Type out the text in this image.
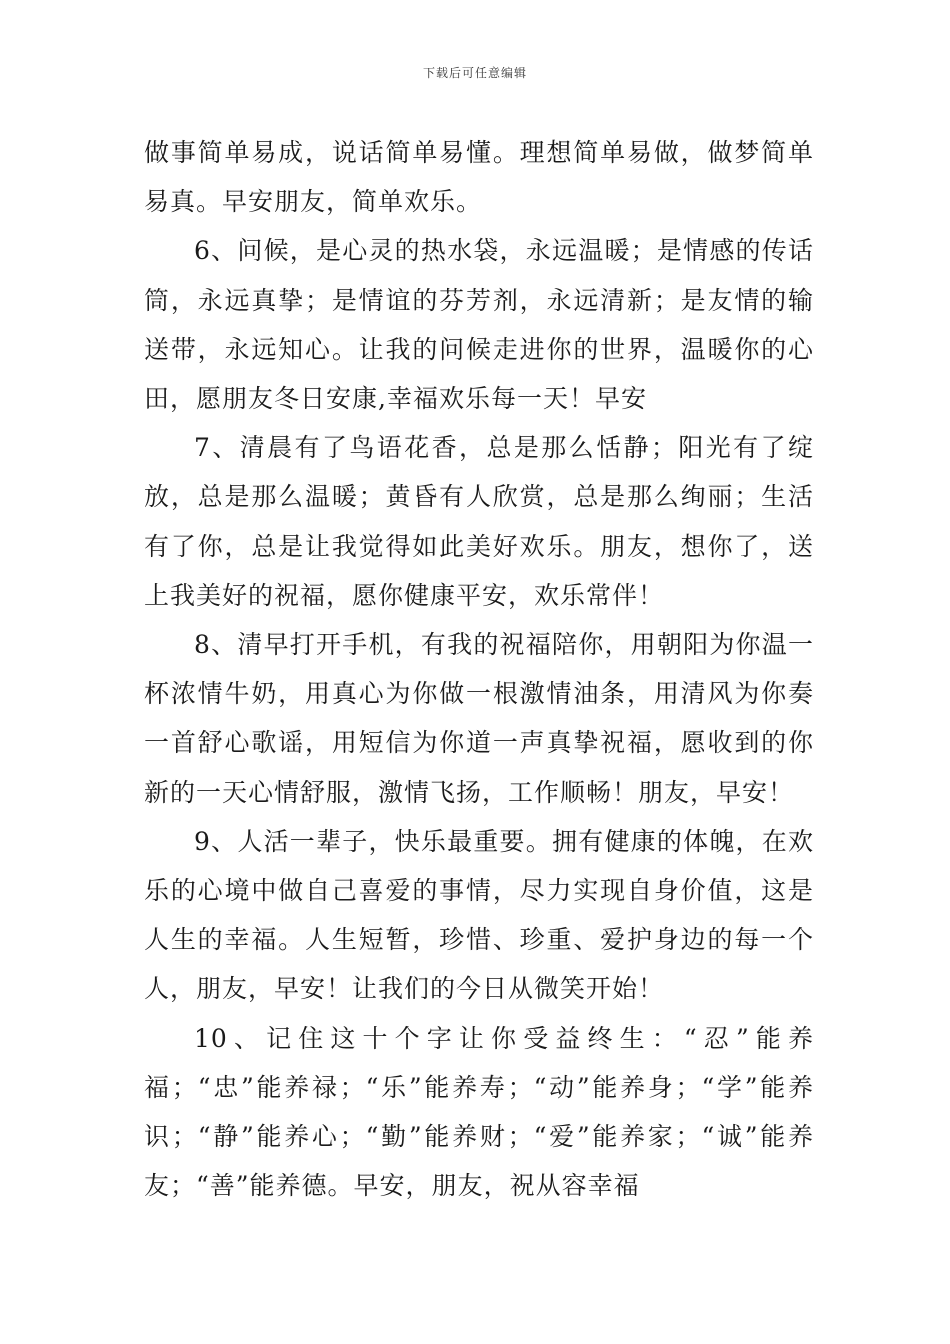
下载后可任意编辑

做事简单易成，说话简单易懂。理想简单易做，做梦简单易真。早安朋友，简单欢乐。

6、问候，是心灵的热水袋，永远温暖；是情感的传话筒，永远真挚；是情谊的芬芳剂，永远清新；是友情的输送带，永远知心。让我的问候走进你的世界，温暖你的心田，愿朋友冬日安康,幸福欢乐每一天！早安

7、清晨有了鸟语花香，总是那么恬静；阳光有了绽放，总是那么温暖；黄昏有人欣赏，总是那么绚丽；生活有了你，总是让我觉得如此美好欢乐。朋友，想你了，送上我美好的祝福，愿你健康平安，欢乐常伴！

8、清早打开手机，有我的祝福陪你，用朝阳为你温一杯浓情牛奶，用真心为你做一根激情油条，用清风为你奏一首舒心歌谣，用短信为你道一声真挚祝福，愿收到的你新的一天心情舒服，激情飞扬，工作顺畅！朋友，早安！

9、人活一辈子，快乐最重要。拥有健康的体魄，在欢乐的心境中做自己喜爱的事情，尽力实现自身价值，这是人生的幸福。人生短暂，珍惜、珍重、爱护身边的每一个人，朋友，早安！让我们的今日从微笑开始！

10、记住这十个字让你受益终生：“忍”能养福；“忠”能养禄；“乐”能养寿；“动”能养身；“学”能养识；“静”能养心；“勤”能养财；“爱”能养家；“诚”能养友；“善”能养德。早安，朋友，祝从容幸福
